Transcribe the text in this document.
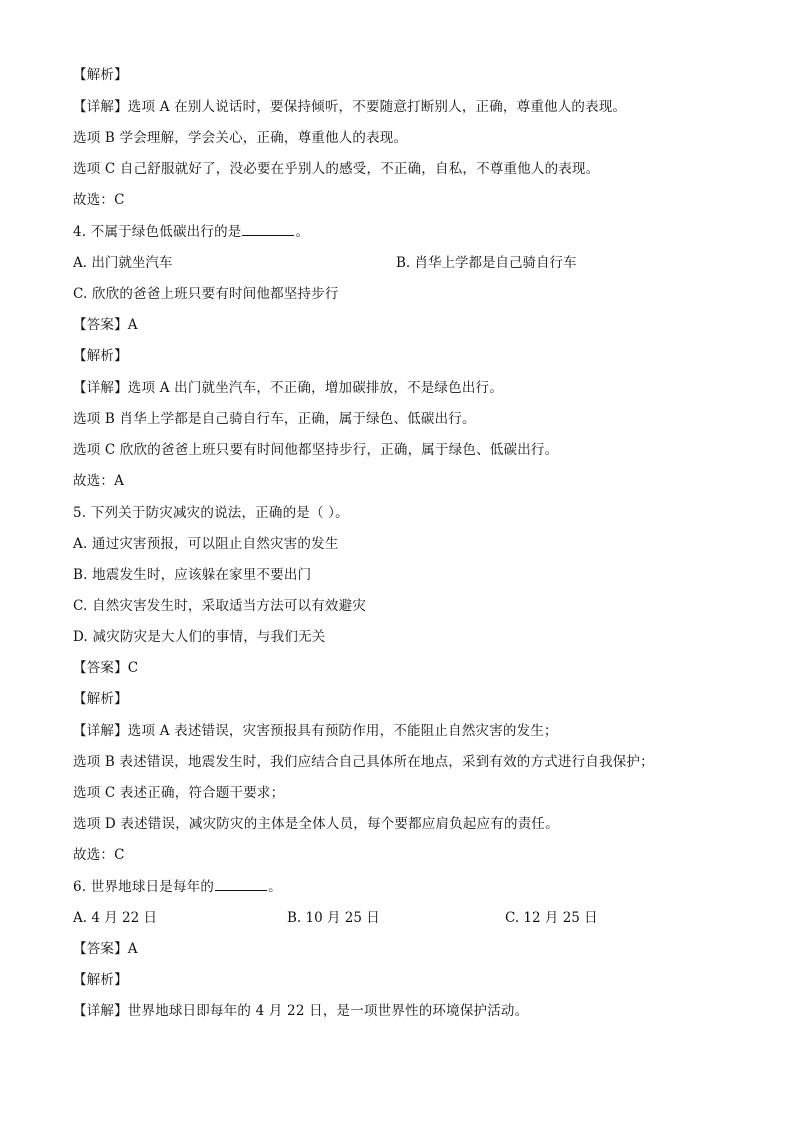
【解析】
【详解】选项 A 在别人说话时，要保持倾听，不要随意打断别人，正确，尊重他人的表现。
选项 B 学会理解，学会关心，正确，尊重他人的表现。
选项 C 自己舒服就好了，没必要在乎别人的感受，不正确，自私，不尊重他人的表现。
故选：C
4. 不属于绿色低碳出行的是	。
A. 出门就坐汽车	B. 肖华上学都是自己骑自行车
C. 欣欣的爸爸上班只要有时间他都坚持步行
【答案】A
【解析】
【详解】选项 A 出门就坐汽车，不正确，增加碳排放，不是绿色出行。
选项 B 肖华上学都是自己骑自行车，正确，属于绿色、低碳出行。
选项 C 欣欣的爸爸上班只要有时间他都坚持步行，正确，属于绿色、低碳出行。
故选：A
5. 下列关于防灾减灾的说法，正确的是（ ）。
A. 通过灾害预报，可以阻止自然灾害的发生
B. 地震发生时，应该躲在家里不要出门
C. 自然灾害发生时，采取适当方法可以有效避灾
D. 减灾防灾是大人们的事情，与我们无关
【答案】C
【解析】
【详解】选项 A 表述错误，灾害预报具有预防作用，不能阻止自然灾害的发生；
选项 B 表述错误，地震发生时，我们应结合自己具体所在地点，采到有效的方式进行自我保护；
选项 C 表述正确，符合题干要求；
选项 D 表述错误，减灾防灾的主体是全体人员，每个要都应肩负起应有的责任。
故选：C
6. 世界地球日是每年的	。
A. 4 月 22 日	B. 10 月 25 日	C. 12 月 25 日
【答案】A
【解析】
【详解】世界地球日即每年的 4 月 22 日，是一项世界性的环境保护活动。
